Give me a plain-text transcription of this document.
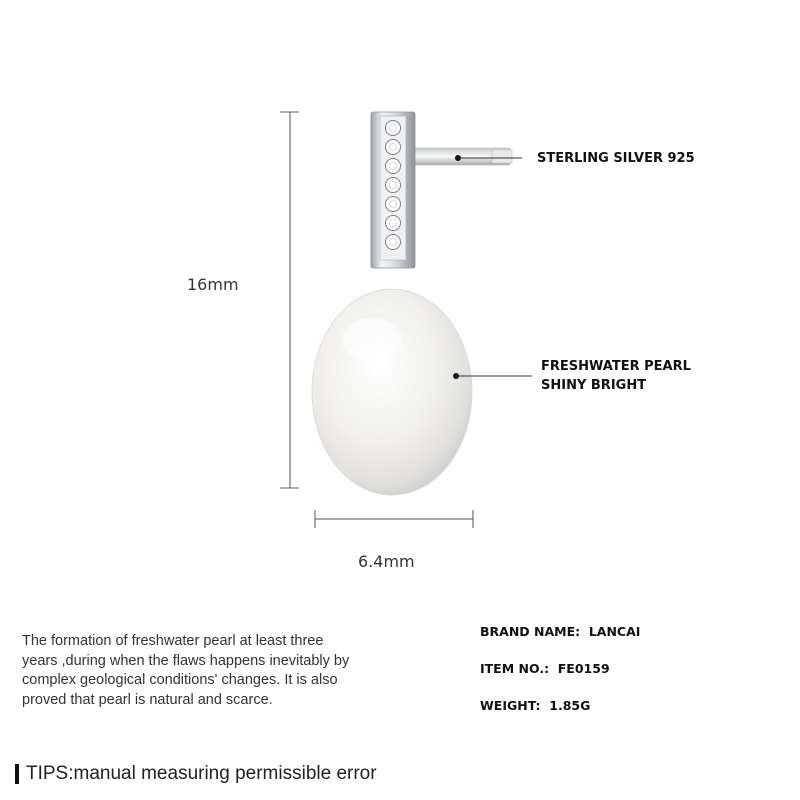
16mm
6.4mm
STERLING SILVER 925
FRESHWATER PEARL
SHINY BRIGHT
The formation of freshwater pearl at least three
years ,during when the flaws happens inevitably by
complex geological conditions' changes. It is also
proved that pearl is natural and scarce.
BRAND NAME:  LANCAI
ITEM NO.:  FE0159
WEIGHT:  1.85G
TIPS:manual measuring permissible error
